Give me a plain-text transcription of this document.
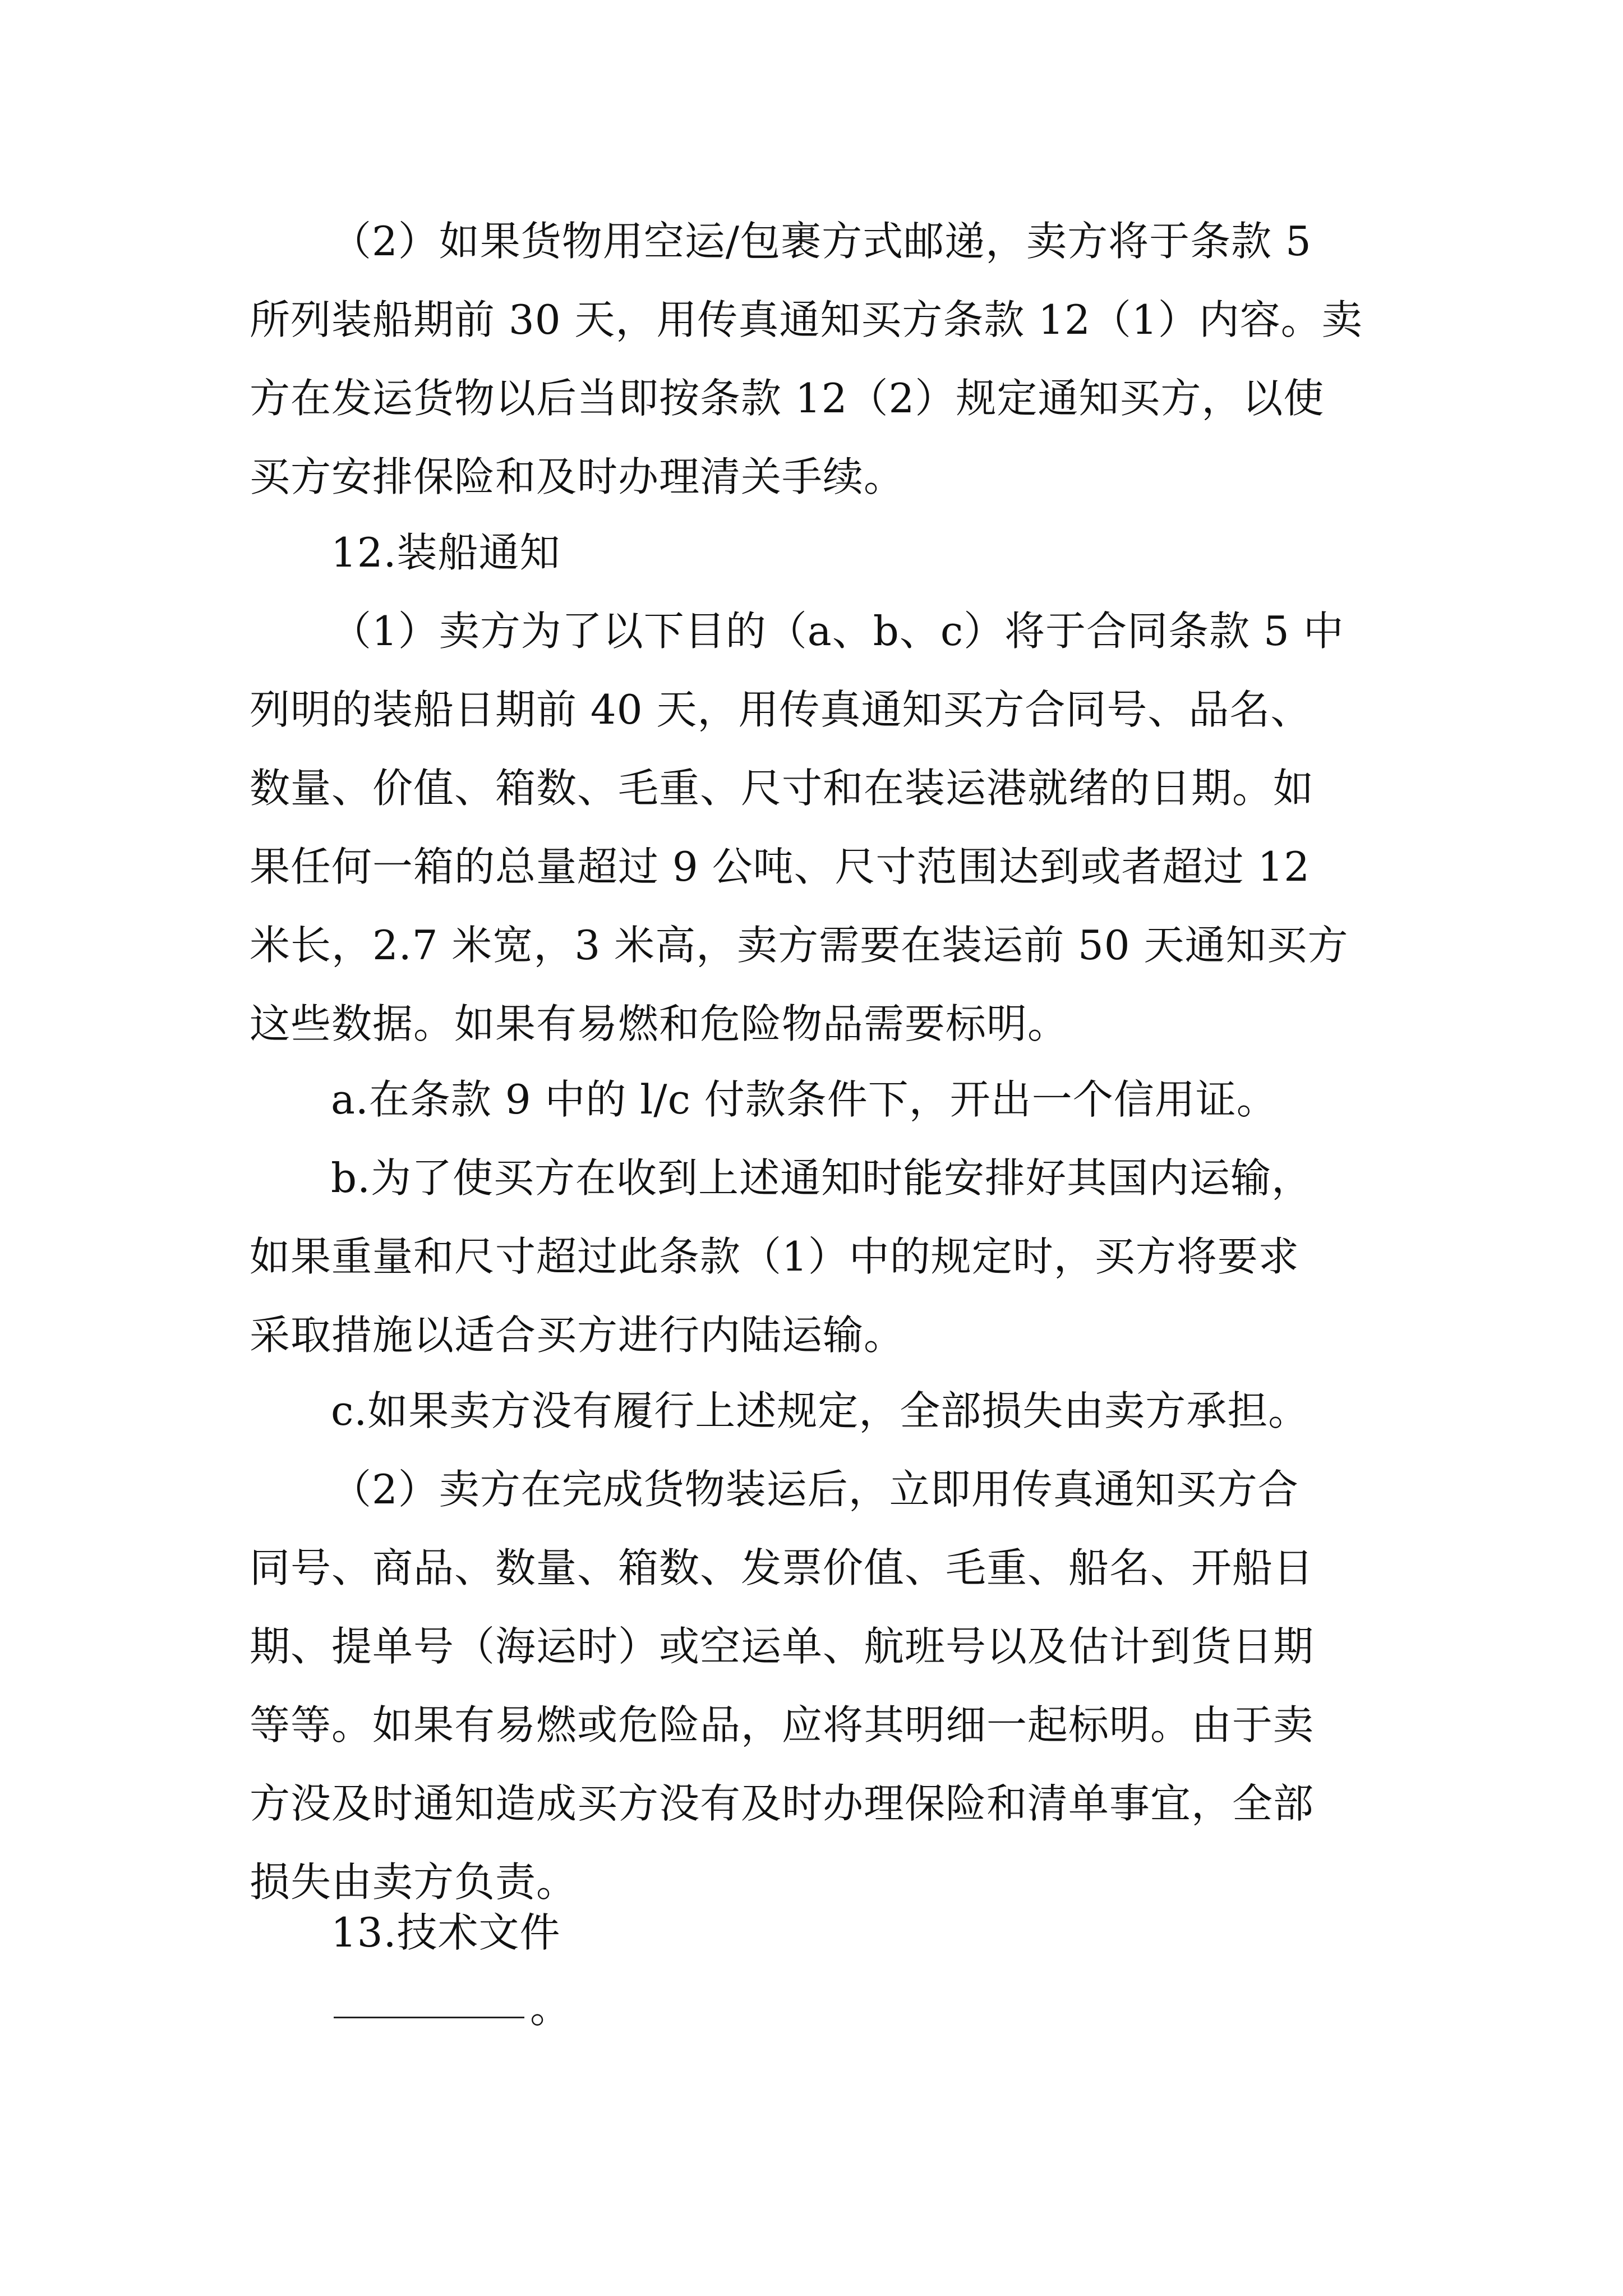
（2）如果货物用空运/包裹方式邮递，卖方将于条款 5
所列装船期前 30 天，用传真通知买方条款 12（1）内容。卖
方在发运货物以后当即按条款 12（2）规定通知买方，以使
买方安排保险和及时办理清关手续。
12.装船通知
（1）卖方为了以下目的（a、b、c）将于合同条款 5 中
列明的装船日期前 40 天，用传真通知买方合同号、品名、
数量、价值、箱数、毛重、尺寸和在装运港就绪的日期。如
果任何一箱的总量超过 9 公吨、尺寸范围达到或者超过 12
米长，2.7 米宽，3 米高，卖方需要在装运前 50 天通知买方
这些数据。如果有易燃和危险物品需要标明。
a.在条款 9 中的 l/c 付款条件下，开出一个信用证。
b.为了使买方在收到上述通知时能安排好其国内运输，
如果重量和尺寸超过此条款（1）中的规定时，买方将要求
采取措施以适合买方进行内陆运输。
c.如果卖方没有履行上述规定，全部损失由卖方承担。
（2）卖方在完成货物装运后，立即用传真通知买方合
同号、商品、数量、箱数、发票价值、毛重、船名、开船日
期、提单号（海运时）或空运单、航班号以及估计到货日期
等等。如果有易燃或危险品，应将其明细一起标明。由于卖
方没及时通知造成买方没有及时办理保险和清单事宜，全部
损失由卖方负责。
13.技术文件
。
